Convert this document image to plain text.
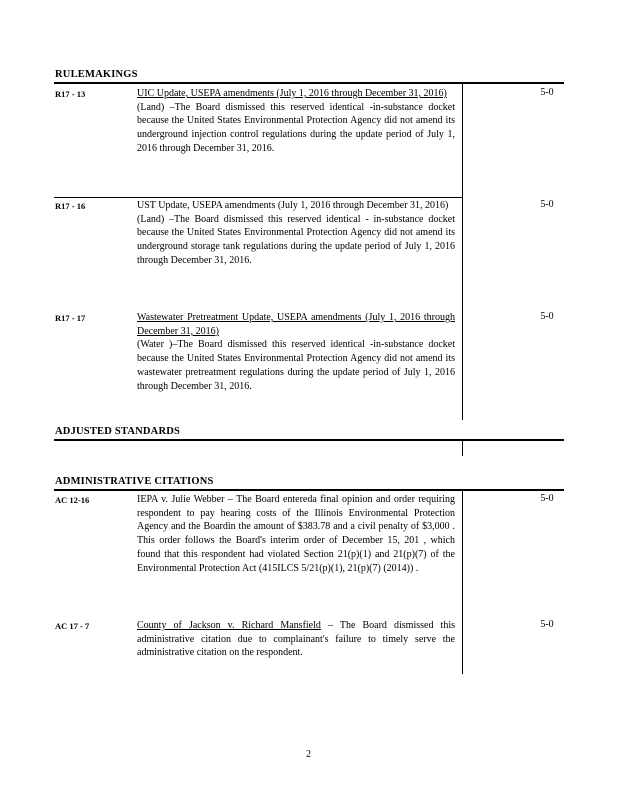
RULEMAKINGS
R17 - 13	UIC Update, USEPA amendments (July 1, 2016 through December 31, 2016)

(Land) –The Board dismissed this reserved identical -in-substance docket because the United States Environmental Protection Agency did not amend its underground injection control regulations during the update period of July 1, 2016 through December 31, 2016.

5-0
R17 - 16	UST Update, USEPA amendments (July 1, 2016 through December 31, 2016)

(Land) –The Board dismissed this reserved identical - in-substance docket because the United States Environmental Protection Agency did not amend its underground storage tank regulations during the update period of July 1, 2016 through December 31, 2016.

5-0
R17 - 17	Wastewater Pretreatment Update, USEPA amendments (July 1, 2016 through December 31, 2016)

(Water )–The Board dismissed this reserved identical -in-substance docket because the United States Environmental Protection Agency did not amend its wastewater pretreatment regulations during the update period of July 1, 2016 through December 31, 2016.

5-0
ADJUSTED STANDARDS
ADMINISTRATIVE CITATIONS
AC 12-16	IEPA v. Julie Webber – The Board entereda final opinion and order requiring respondent to pay hearing costs of the Illinois Environmental Protection Agency and the Boardin the amount of $383.78 and a civil penalty of $3,000 . This order follows the Board's interim order of December 15, 201 , which found that this respondent had violated Section 21(p)(1) and 21(p)(7) of the Environmental Protection Act (415ILCS 5/21(p)(1), 21(p)(7) (2014)) .

5-0
AC 17 - 7	County of Jackson v. Richard Mansfield – The Board dismissed this administrative citation due to complainant's failure to timely serve the administrative citation on the respondent.

5-0
2
